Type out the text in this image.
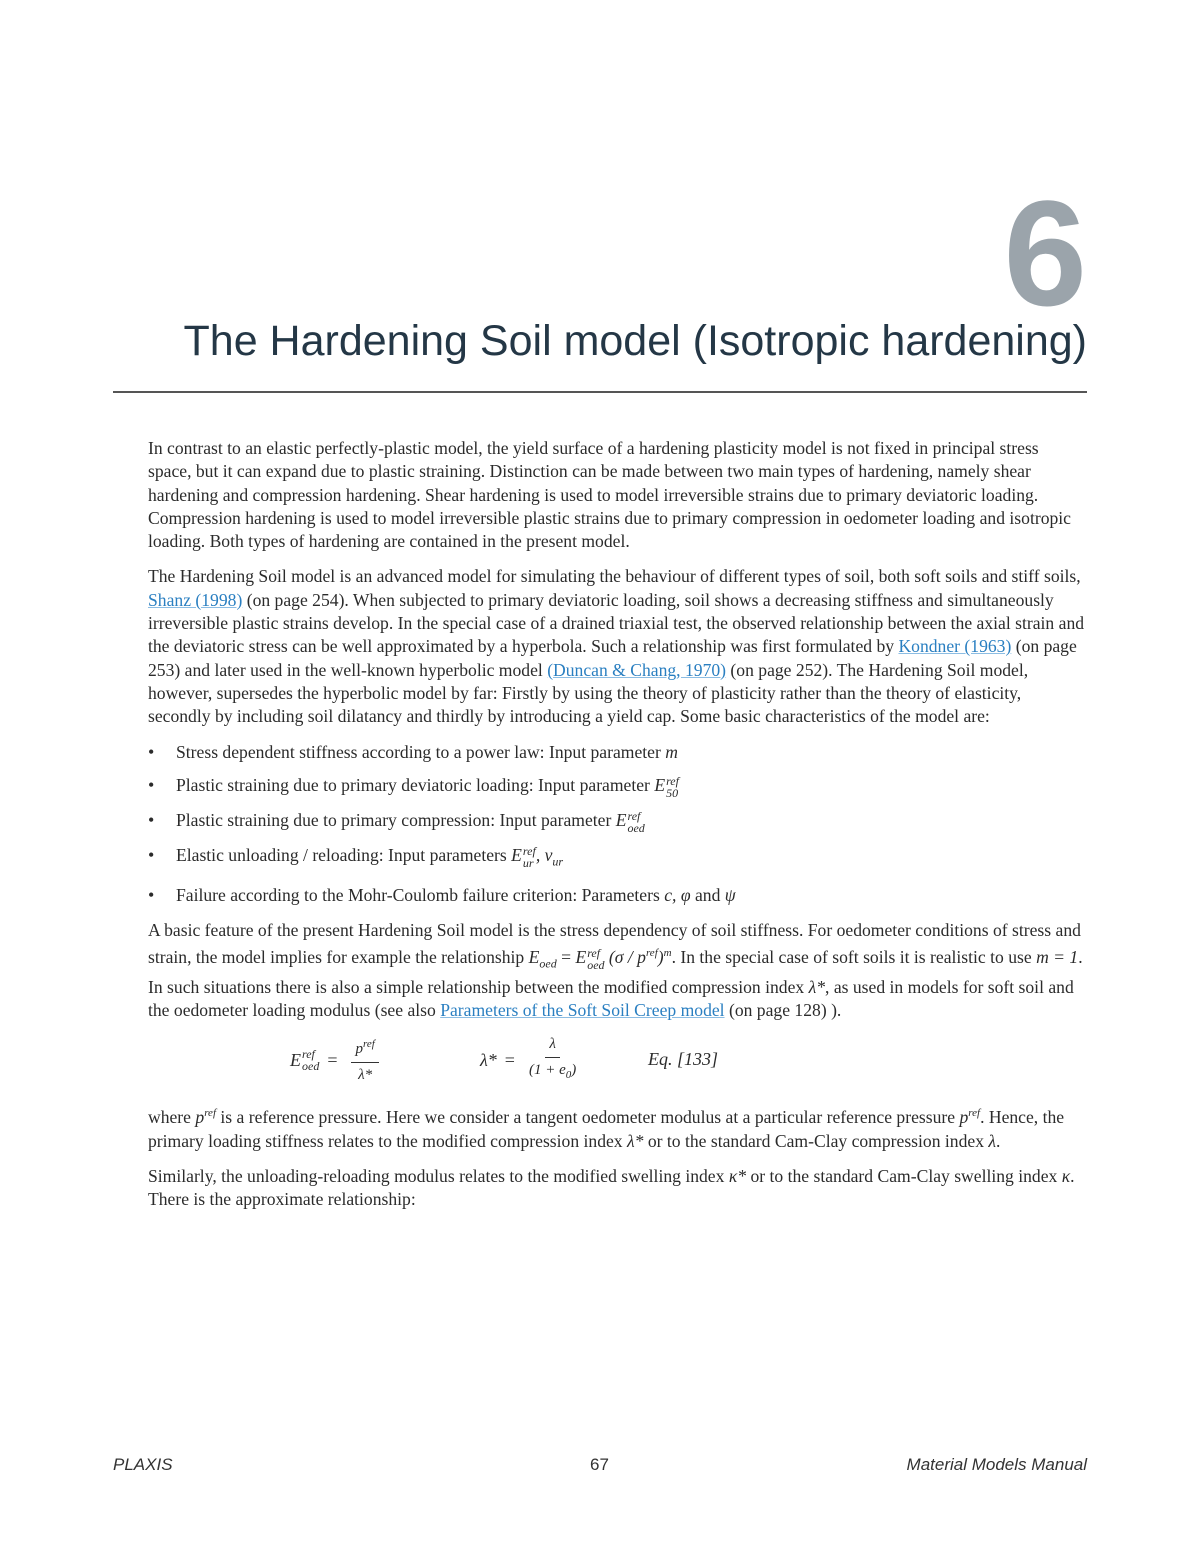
6
The Hardening Soil model (Isotropic hardening)

In contrast to an elastic perfectly-plastic model, the yield surface of a hardening plasticity model is not fixed in principal stress space, but it can expand due to plastic straining. Distinction can be made between two main types of hardening, namely shear hardening and compression hardening. Shear hardening is used to model irreversible strains due to primary deviatoric loading. Compression hardening is used to model irreversible plastic strains due to primary compression in oedometer loading and isotropic loading. Both types of hardening are contained in the present model.

The Hardening Soil model is an advanced model for simulating the behaviour of different types of soil, both soft soils and stiff soils, Shanz (1998) (on page 254). When subjected to primary deviatoric loading, soil shows a decreasing stiffness and simultaneously irreversible plastic strains develop. In the special case of a drained triaxial test, the observed relationship between the axial strain and the deviatoric stress can be well approximated by a hyperbola. Such a relationship was first formulated by Kondner (1963) (on page 253) and later used in the well-known hyperbolic model (Duncan & Chang, 1970) (on page 252). The Hardening Soil model, however, supersedes the hyperbolic model by far: Firstly by using the theory of plasticity rather than the theory of elasticity, secondly by including soil dilatancy and thirdly by introducing a yield cap. Some basic characteristics of the model are:

• Stress dependent stiffness according to a power law: Input parameter m
• Plastic straining due to primary deviatoric loading: Input parameter E ref
50
• Plastic straining due to primary compression: Input parameter E ref
oed
• Elastic unloading / reloading: Input parameters E ref
ur , $\nu_{ur}$
• Failure according to the Mohr-Coulomb failure criterion: Parameters c, φ and ψ

A basic feature of the present Hardening Soil model is the stress dependency of soil stiffness. For oedometer conditions of stress and strain, the model implies for example the relationship $E_{oed} = E$ ref
oed $(\sigma / p^{ref})^m$. In the special case of soft soils it is realistic to use m = 1. In such situations there is also a simple relationship between the modified compression index λ*, as used in models for soft soil and the oedometer loading modulus (see also Parameters of the Soft Soil Creep model (on page 128) ).

E ref
oed = $\frac{p^{ref}}{\lambda*}$	$\lambda* = \frac{\lambda}{(1 + e_0)}$	Eq. [133]

where $p^{ref}$ is a reference pressure. Here we consider a tangent oedometer modulus at a particular reference pressure $p^{ref}$. Hence, the primary loading stiffness relates to the modified compression index λ* or to the standard Cam-Clay compression index λ.

Similarly, the unloading-reloading modulus relates to the modified swelling index κ* or to the standard Cam-Clay swelling index κ. There is the approximate relationship:

PLAXIS	67	Material Models Manual
